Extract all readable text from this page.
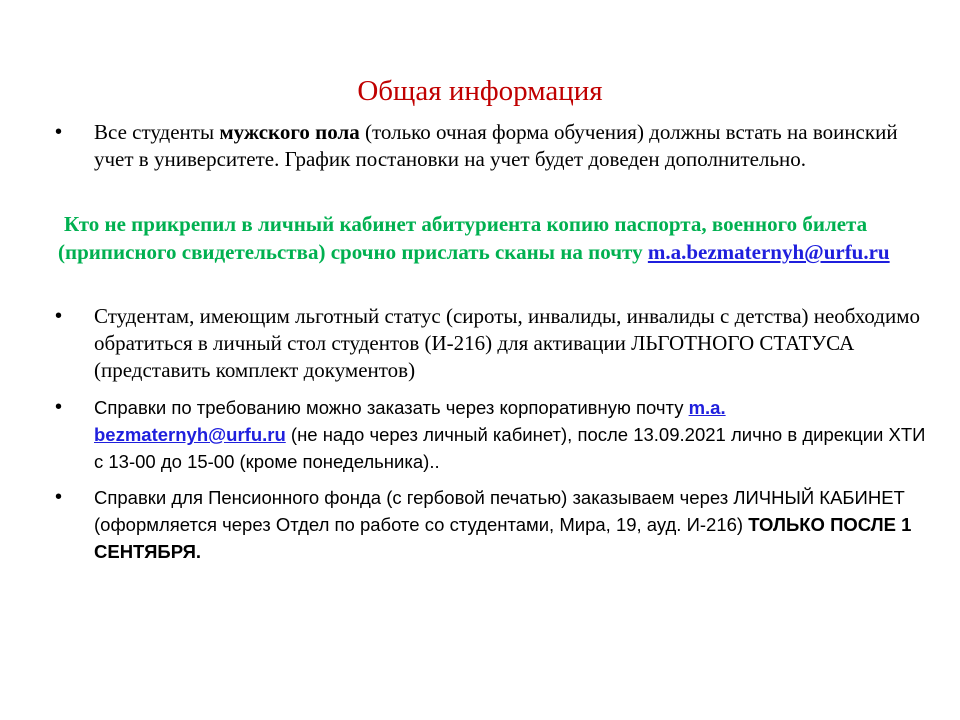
Общая информация
•	Все студенты мужского пола (только очная форма обучения) должны встать на воинский учет в университете. График постановки на учет будет доведен дополнительно.
Кто не прикрепил в личный кабинет абитуриента копию паспорта, военного билета (приписного свидетельства) срочно прислать сканы на почту m.a.bezmaternyh@urfu.ru
•	Студентам, имеющим льготный статус (сироты, инвалиды, инвалиды с детства) необходимо обратиться в личный стол студентов (И-216) для активации ЛЬГОТНОГО СТАТУСА (представить комплект документов)
•	Справки по требованию можно заказать через корпоративную почту m.a.
bezmaternyh@urfu.ru (не надо через личный кабинет), после 13.09.2021 лично в дирекции ХТИ с 13-00 до 15-00 (кроме понедельника)..
•	Справки для Пенсионного фонда (с гербовой печатью) заказываем через ЛИЧНЫЙ КАБИНЕТ (оформляется через Отдел по работе со студентами, Мира, 19, ауд. И-216) ТОЛЬКО ПОСЛЕ 1 СЕНТЯБРЯ.
